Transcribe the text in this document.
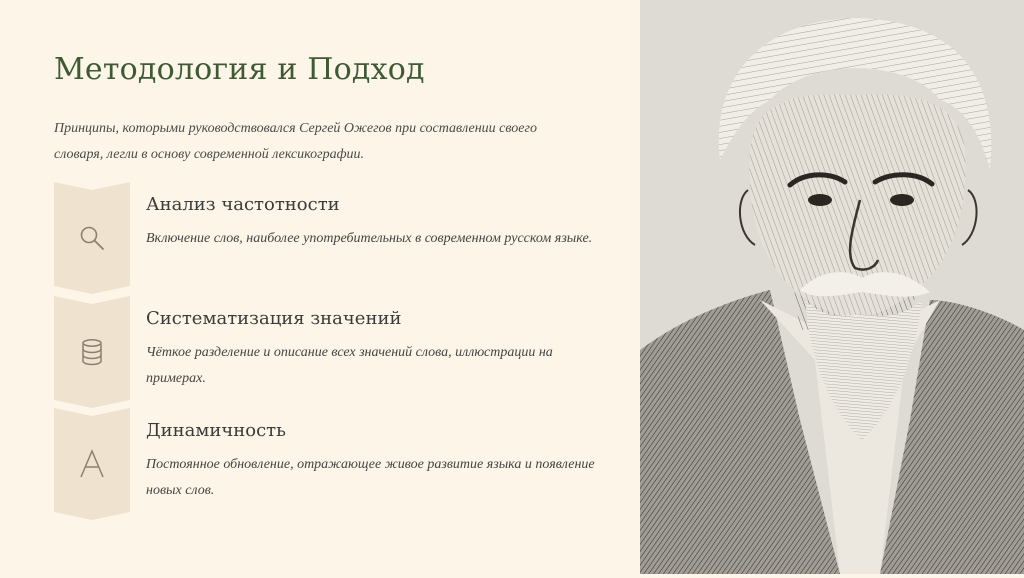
Методология и Подход

Принципы, которыми руководствовался Сергей Ожегов при составлении своего словаря, легли в основу современной лексикографии.

Анализ частотности

Включение слов, наиболее употребительных в современном русском языке.

Систематизация значений

Чёткое разделение и описание всех значений слова, иллюстрации на примерах.

Динамичность

Постоянное обновление, отражающее живое развитие языка и появление новых слов.
